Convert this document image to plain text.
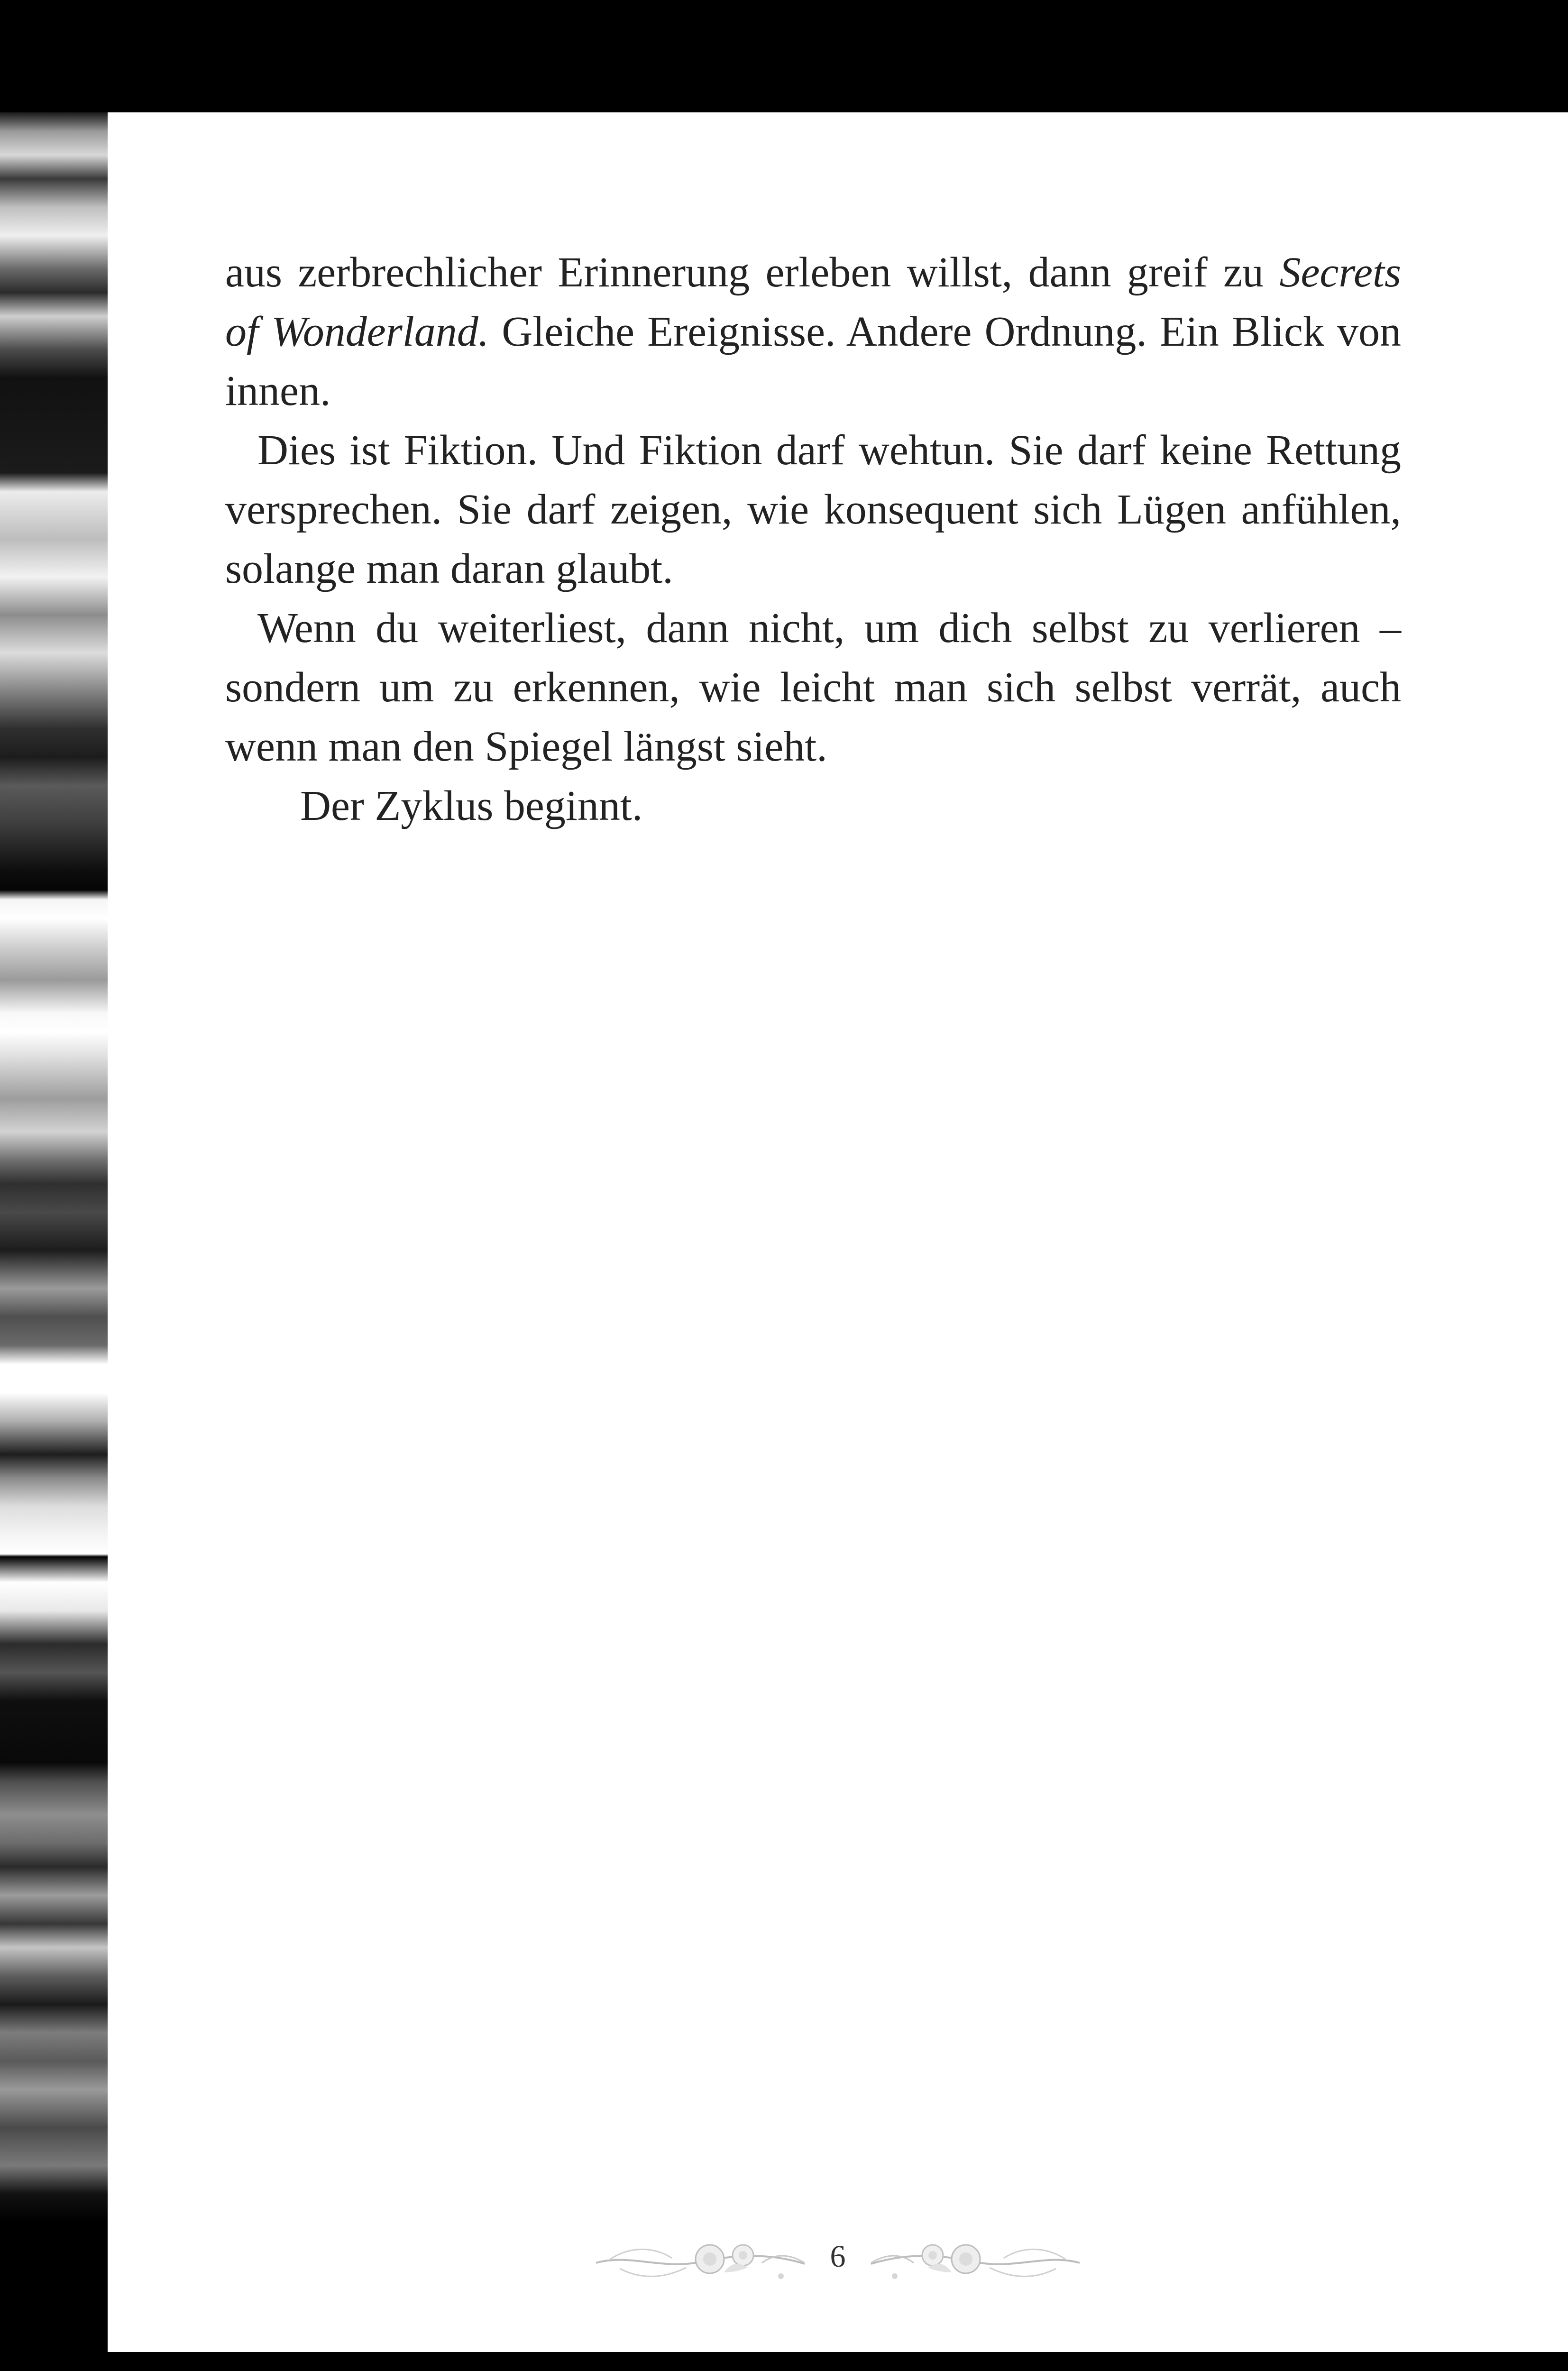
aus zerbrechlicher Erinnerung erleben willst, dann greif zu Secrets of Wonderland. Gleiche Ereignisse. Andere Ordnung. Ein Blick von innen.

Dies ist Fiktion. Und Fiktion darf wehtun. Sie darf keine Rettung versprechen. Sie darf zeigen, wie konsequent sich Lügen anfühlen, solange man daran glaubt.

Wenn du weiterliest, dann nicht, um dich selbst zu verlieren – sondern um zu erkennen, wie leicht man sich selbst verrät, auch wenn man den Spiegel längst sieht.

Der Zyklus beginnt.

6
